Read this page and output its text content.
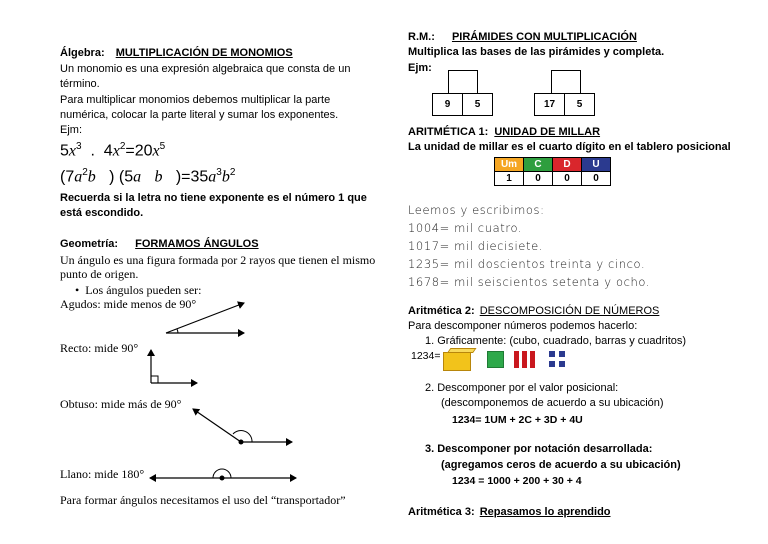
Álgebra: MULTIPLICACIÓN DE MONOMIOS
Un monomio es una expresión algebraica que consta de un
término.
Para multiplicar monomios debemos multiplicar la parte
numérica, colocar la parte literal y sumar los exponentes.
Ejm:
$5x^3$  .  $4x^2=20x^5$
($7a^2b$   ) (5a b   )$=35a^3b^2$
Recuerda si la letra no tiene exponente es el número 1 que
está escondido.
Geometría: FORMAMOS ÁNGULOS
Un ángulo es una figura formada por 2 rayos que tienen el mismo
punto de origen.
• Los ángulos pueden ser:
Agudos: mide menos de 90°
Recto: mide 90°
Obtuso: mide más de 90°
Llano: mide 180°
Para formar ángulos necesitamos el uso del “transportador”
R.M.: PIRÁMIDES CON MULTIPLICACIÓN
Multiplica las bases de las pirámides y completa.
Ejm:
9	5	17	5
ARITMÉTICA 1: UNIDAD DE MILLAR
La unidad de millar es el cuarto dígito en el tablero posicional
Um	C	D	U
1	0	0	0
Leemos y escribimos:
1004= mil cuatro.
1017= mil diecisiete.
1235= mil doscientos treinta y cinco.
1678= mil seiscientos setenta y ocho.
Aritmética 2: DESCOMPOSICIÓN DE NÚMEROS
Para descomponer números podemos hacerlo:
1. Gráficamente: (cubo, cuadrado, barras y cuadritos)
1234=
2. Descomponer por el valor posicional:
(descomponemos de acuerdo a su ubicación)
1234= 1UM + 2C + 3D + 4U
3. Descomponer por notación desarrollada:
(agregamos ceros de acuerdo a su ubicación)
1234 = 1000 + 200 + 30 + 4
Aritmética 3: Repasamos lo aprendido
